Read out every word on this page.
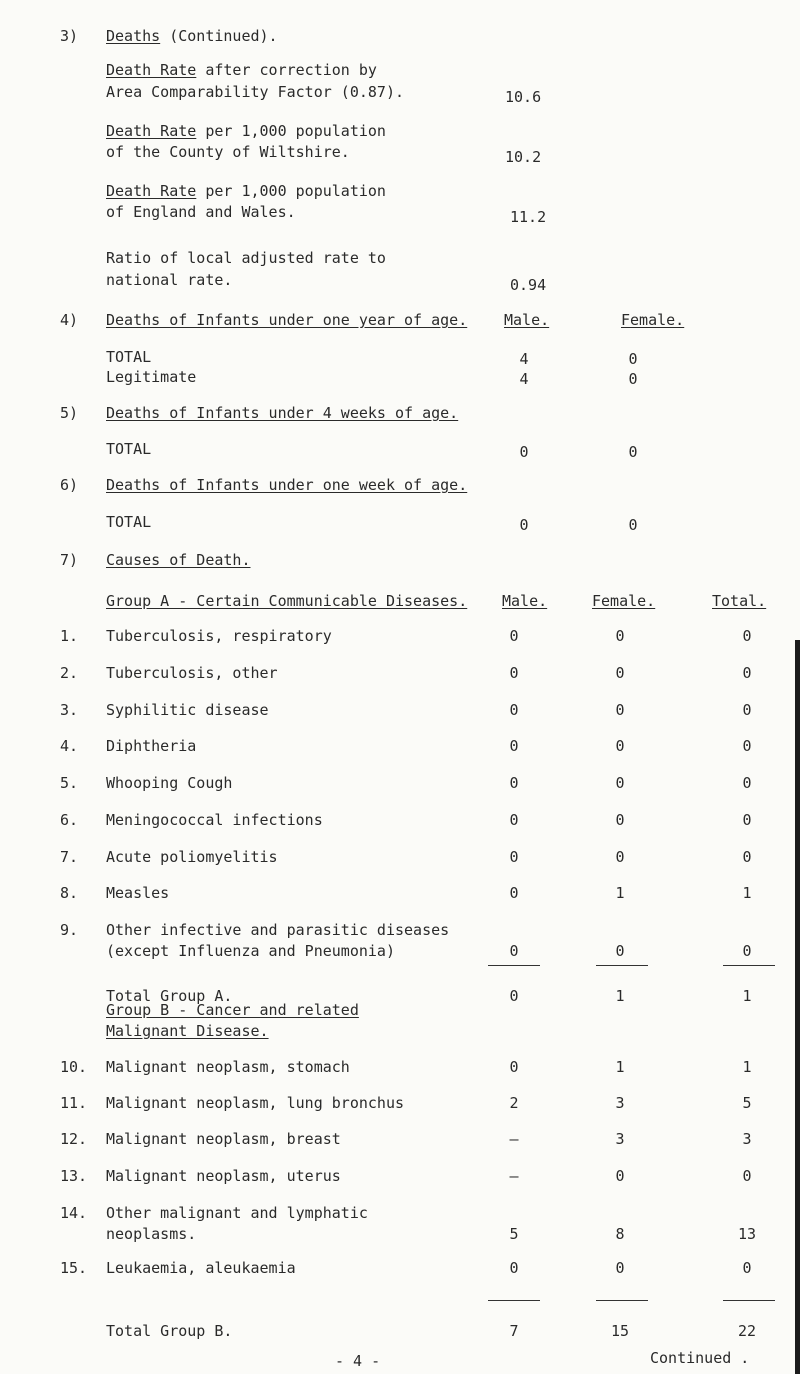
3) Deaths (Continued).
Death Rate after correction by
Area Comparability Factor (0.87).	10.6
Death Rate per 1,000 population
of the County of Wiltshire.	10.2
Death Rate per 1,000 population
of England and Wales.	11.2
Ratio of local adjusted rate to
national rate.	0.94
4) Deaths of Infants under one year of age. Male.	Female.
TOTAL	4	0
Legitimate	4	0
5) Deaths of Infants under 4 weeks of age.
TOTAL	0	0
6) Deaths of Infants under one week of age.
TOTAL	0	0
7) Causes of Death.
Group A - Certain Communicable Diseases. Male.	Female.	Total.
1. Tuberculosis, respiratory	0	0	0
2. Tuberculosis, other	0	0	0
3. Syphilitic disease	0	0	0
4. Diphtheria	0	0	0
5. Whooping Cough	0	0	0
6. Meningococcal infections	0	0	0
7. Acute poliomyelitis	0	0	0
8. Measles	0	1	1
9. Other infective and parasitic diseases
(except Influenza and Pneumonia)	0	0	0
Total Group A.	0	1	1
10. Malignant neoplasm, stomach	0	1	1
11. Malignant neoplasm, lung bronchus	2	3	5
12. Malignant neoplasm, breast	–	3	3
13. Malignant neoplasm, uterus	–	0	0
14. Other malignant and lymphatic
neoplasms.	5	8	13
15. Leukaemia, aleukaemia	0	0	0
Total Group B.	7	15	22
Group B - Cancer and related
Malignant Disease.
- 4 -	Continued .
